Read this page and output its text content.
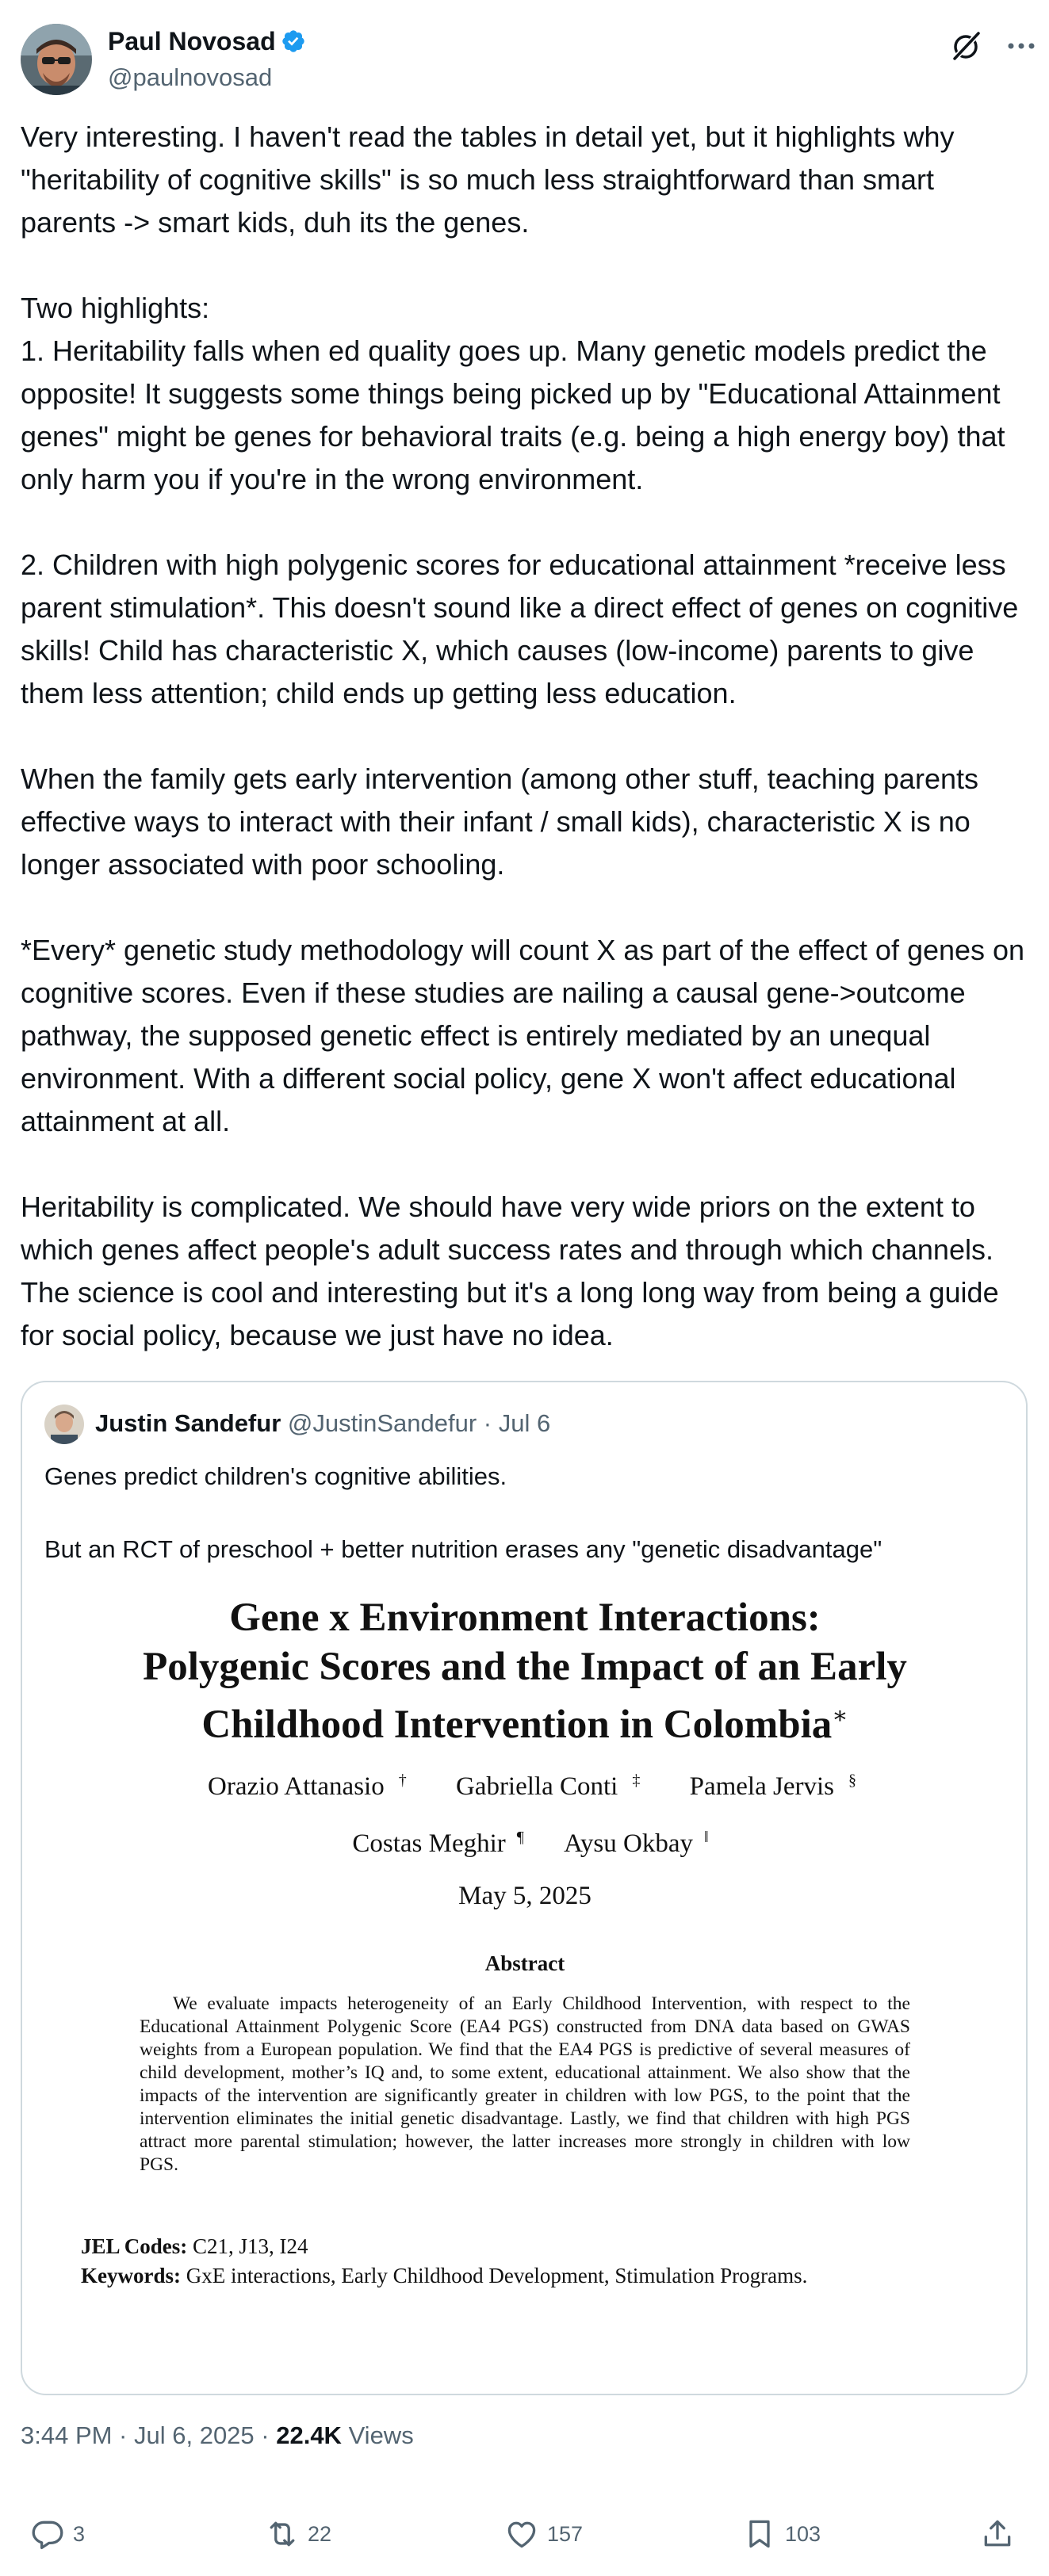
Paul Novosad
@paulnovosad

Very interesting. I haven't read the tables in detail yet, but it highlights why "heritability of cognitive skills" is so much less straightforward than smart parents -> smart kids, duh its the genes.

Two highlights:
1. Heritability falls when ed quality goes up. Many genetic models predict the opposite! It suggests some things being picked up by "Educational Attainment genes" might be genes for behavioral traits (e.g. being a high energy boy) that only harm you if you're in the wrong environment.

2. Children with high polygenic scores for educational attainment *receive less parent stimulation*. This doesn't sound like a direct effect of genes on cognitive skills! Child has characteristic X, which causes (low-income) parents to give them less attention; child ends up getting less education.

When the family gets early intervention (among other stuff, teaching parents effective ways to interact with their infant / small kids), characteristic X is no longer associated with poor schooling.

*Every* genetic study methodology will count X as part of the effect of genes on cognitive scores. Even if these studies are nailing a causal gene->outcome pathway, the supposed genetic effect is entirely mediated by an unequal environment. With a different social policy, gene X won't affect educational attainment at all.

Heritability is complicated. We should have very wide priors on the extent to which genes affect people's adult success rates and through which channels. The science is cool and interesting but it's a long long way from being a guide for social policy, because we just have no idea.

Justin Sandefur @JustinSandefur · Jul 6

Genes predict children's cognitive abilities.

But an RCT of preschool + better nutrition erases any "genetic disadvantage"

Gene x Environment Interactions:
Polygenic Scores and the Impact of an Early
Childhood Intervention in Colombia∗
Orazio Attanasio † Gabriella Conti ‡ Pamela Jervis §
Costas Meghir ¶ Aysu Okbay ‖
May 5, 2025
Abstract
We evaluate impacts heterogeneity of an Early Childhood Intervention, with respect to the Educational Attainment Polygenic Score (EA4 PGS) constructed from DNA data based on GWAS weights from a European population. We find that the EA4 PGS is predictive of several measures of child development, mother’s IQ and, to some extent, educational attainment. We also show that the impacts of the intervention are significantly greater in children with low PGS, to the point that the intervention eliminates the initial genetic disadvantage. Lastly, we find that children with high PGS attract more parental stimulation; however, the latter increases more strongly in children with low PGS.
JEL Codes: C21, J13, I24
Keywords: GxE interactions, Early Childhood Development, Stimulation Programs.
3:44 PM · Jul 6, 2025 · 22.4K Views
3	22	157	103
